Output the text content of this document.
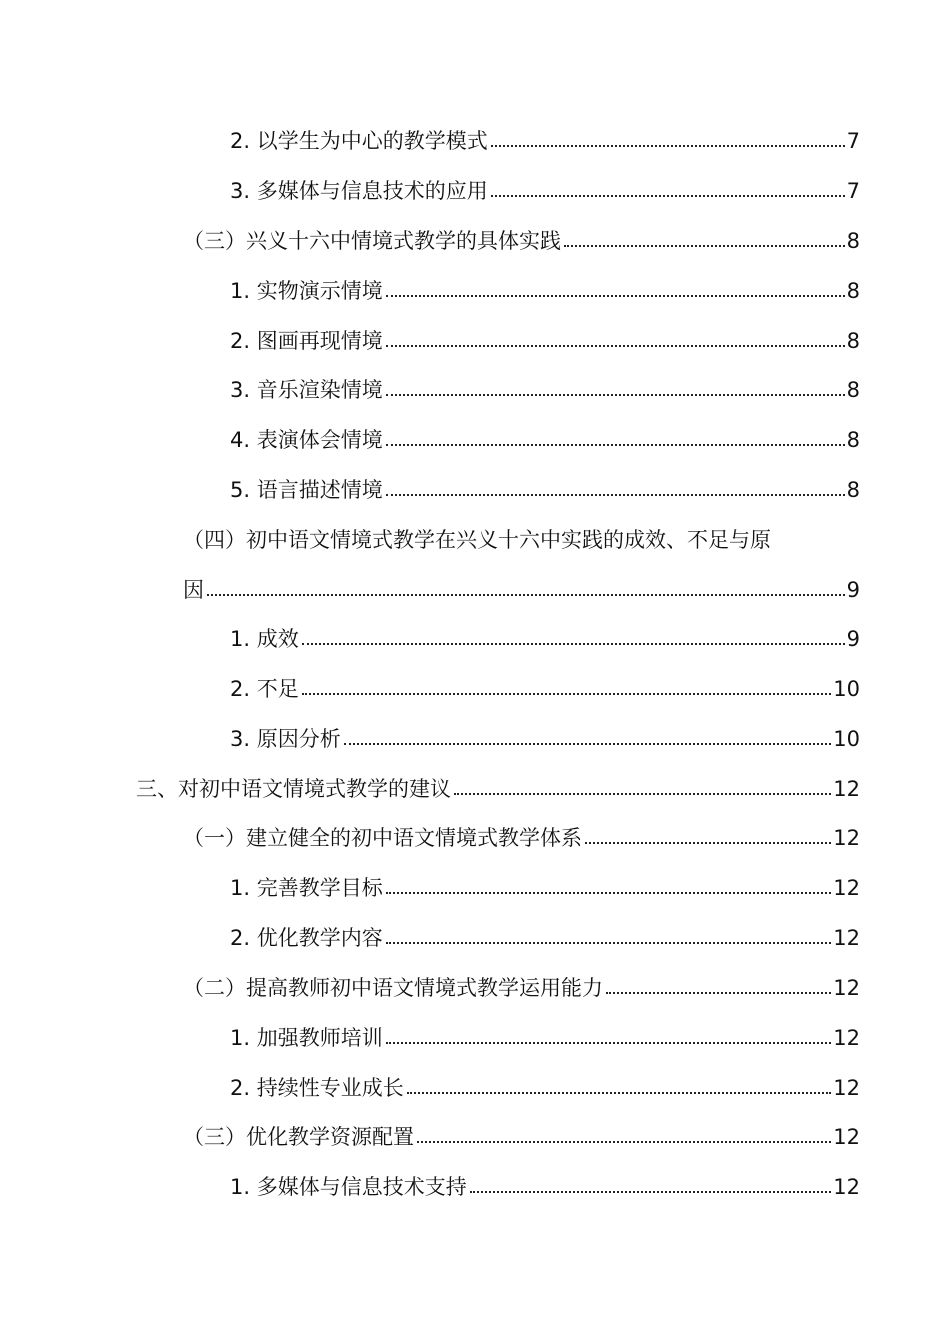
2. 以学生为中心的教学模式	7
3. 多媒体与信息技术的应用	7
（三）兴义十六中情境式教学的具体实践	8
1. 实物演示情境	8
2. 图画再现情境	8
3. 音乐渲染情境	8
4. 表演体会情境	8
5. 语言描述情境	8
（四）初中语文情境式教学在兴义十六中实践的成效、不足与原
因	9
1. 成效	9
2. 不足	10
3. 原因分析	10
三、对初中语文情境式教学的建议	12
（一）建立健全的初中语文情境式教学体系	12
1. 完善教学目标	12
2. 优化教学内容	12
（二）提高教师初中语文情境式教学运用能力	12
1. 加强教师培训	12
2. 持续性专业成长	12
（三）优化教学资源配置	12
1. 多媒体与信息技术支持	12
